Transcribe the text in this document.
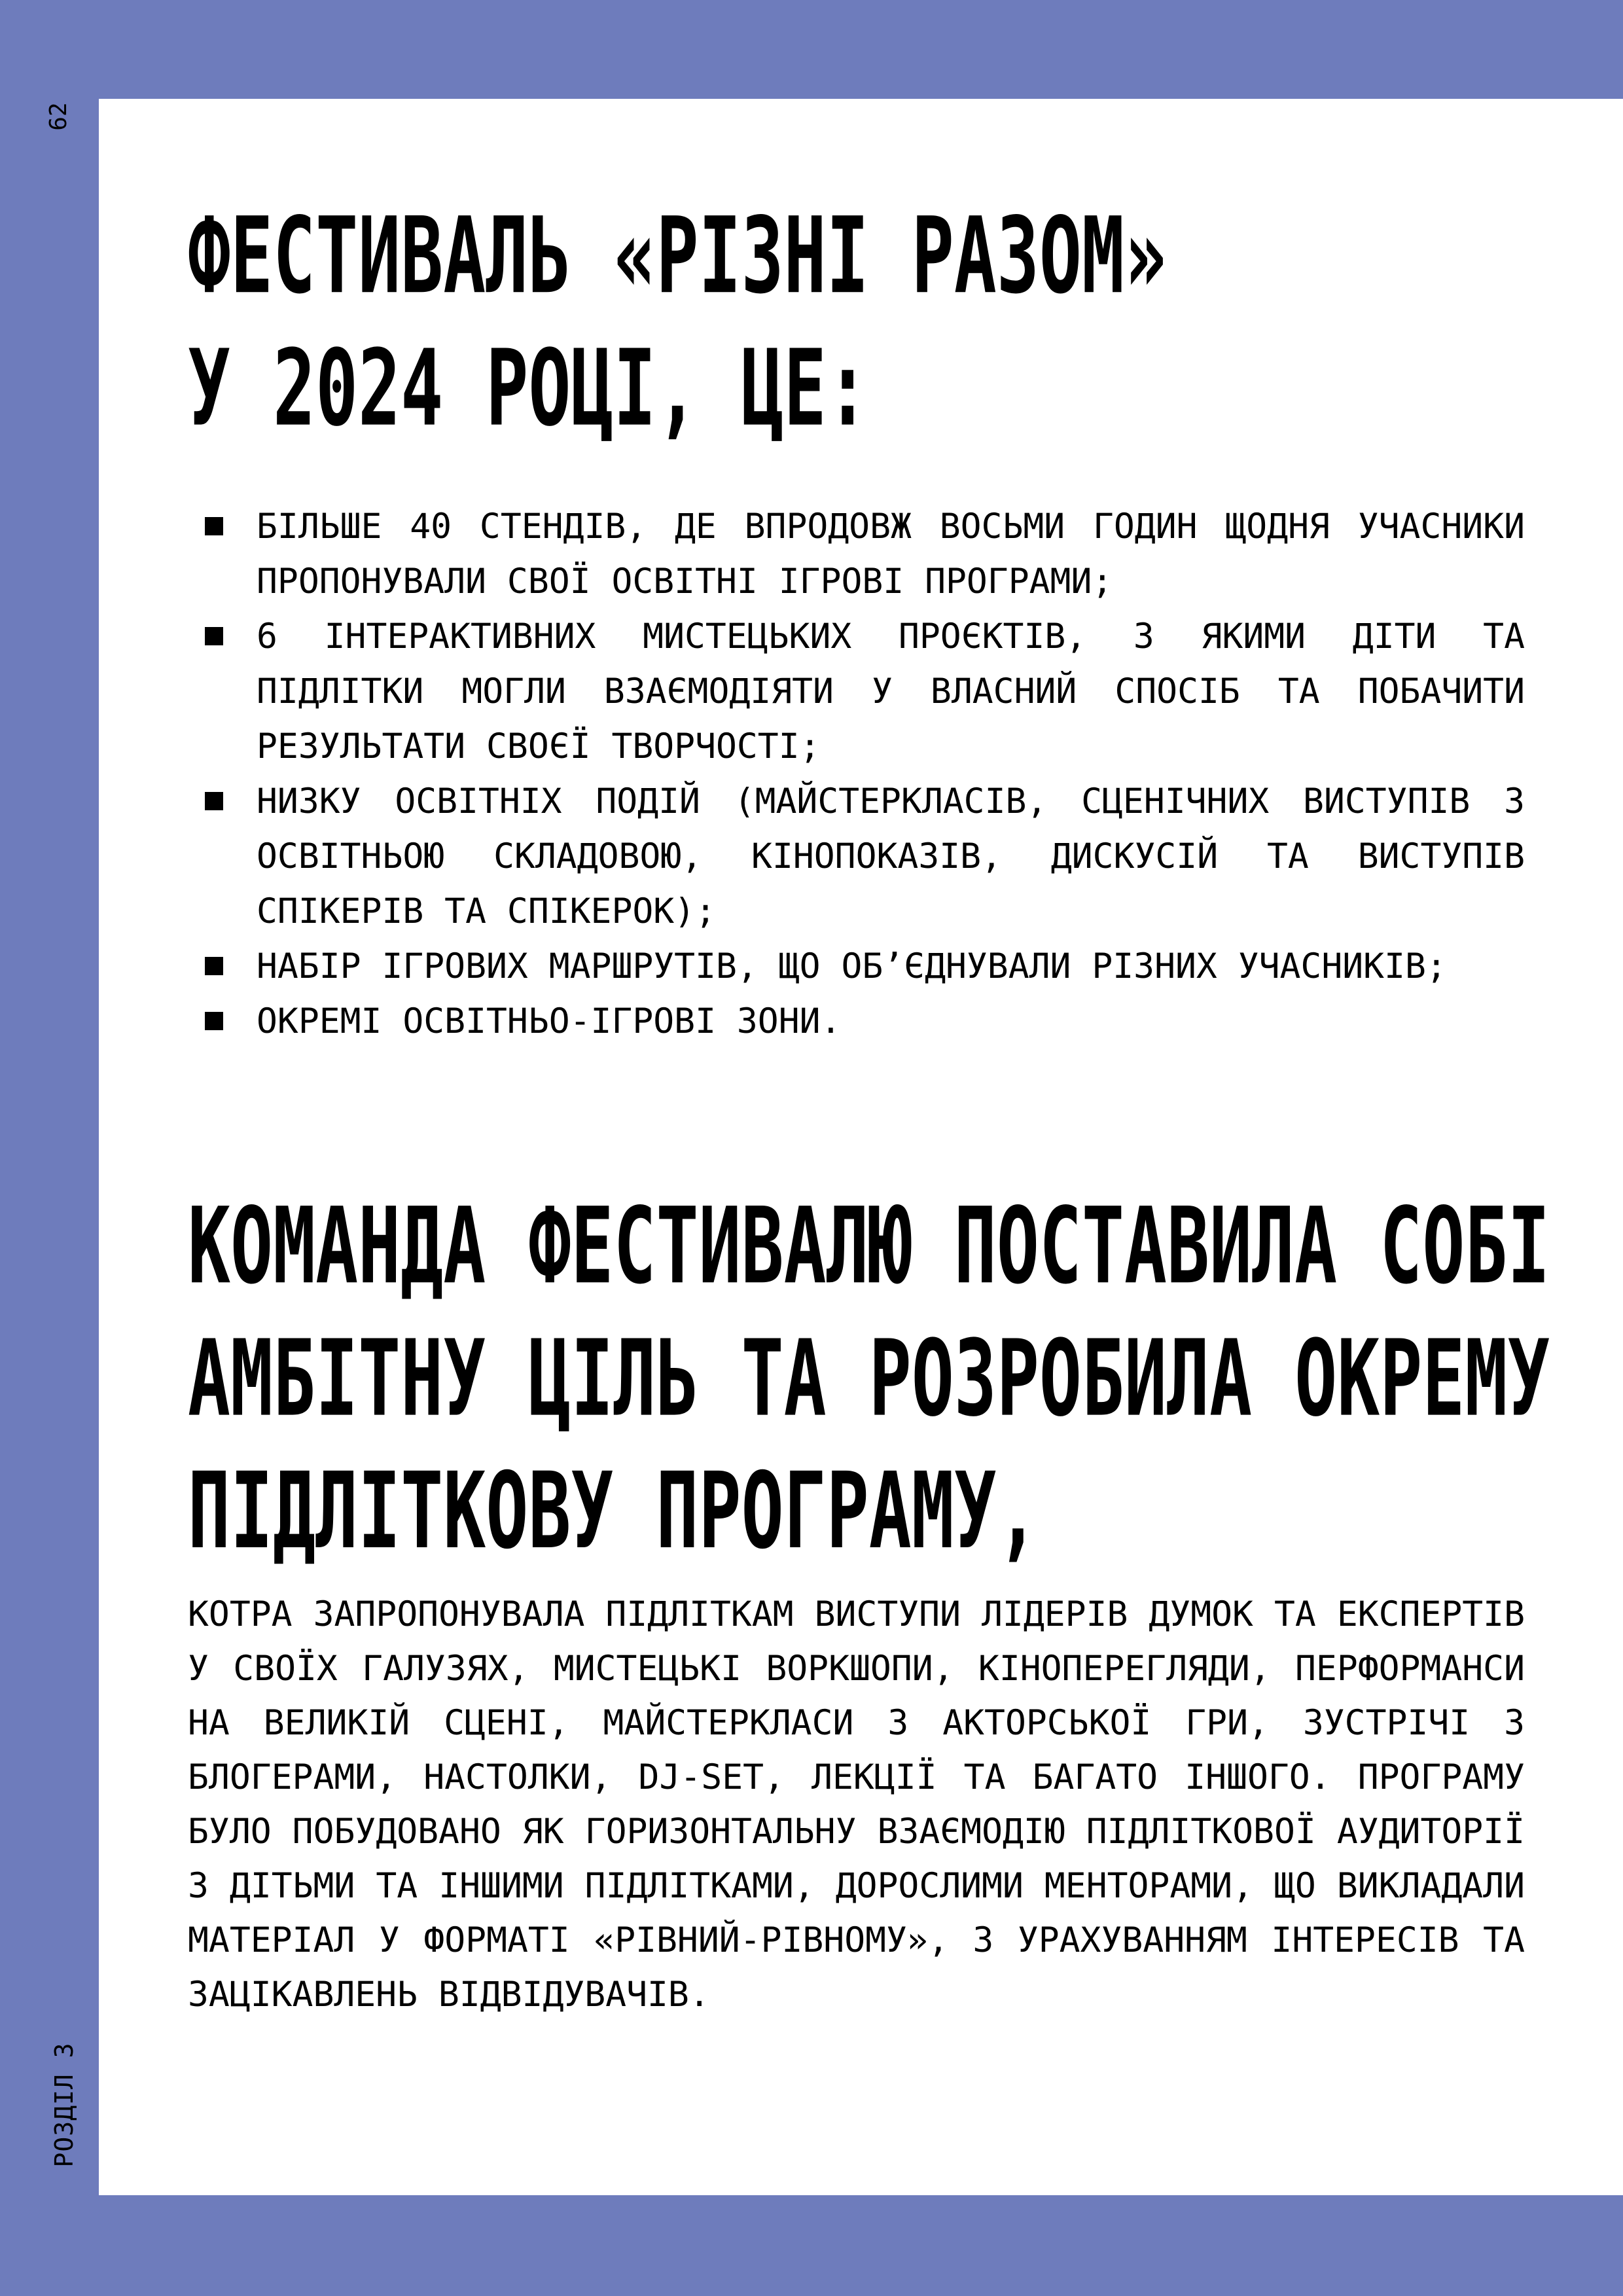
62
РОЗДІЛ 3
ФЕСТИВАЛЬ «РІЗНІ РАЗОМ»
У 2024 РОЦІ, ЦЕ:
БІЛЬШЕ 40 СТЕНДІВ, ДЕ ВПРОДОВЖ ВОСЬМИ ГОДИН ЩОДНЯ УЧАСНИКИ ПРОПОНУВАЛИ СВОЇ ОСВІТНІ ІГРОВІ ПРОГРАМИ;
6 ІНТЕРАКТИВНИХ МИСТЕЦЬКИХ ПРОЄКТІВ, З ЯКИМИ ДІТИ ТА ПІДЛІТКИ МОГЛИ ВЗАЄМОДІЯТИ У ВЛАСНИЙ СПОСІБ ТА ПОБАЧИТИ РЕЗУЛЬТАТИ СВОЄЇ ТВОРЧОСТІ;
НИЗКУ ОСВІТНІХ ПОДІЙ (МАЙСТЕРКЛАСІВ, СЦЕНІЧНИХ ВИСТУПІВ З ОСВІТНЬОЮ СКЛАДОВОЮ, КІНОПОКАЗІВ, ДИСКУСІЙ ТА ВИСТУПІВ СПІКЕРІВ ТА СПІКЕРОК);
НАБІР ІГРОВИХ МАРШРУТІВ, ЩО ОБ’ЄДНУВАЛИ РІЗНИХ УЧАСНИКІВ;
ОКРЕМІ ОСВІТНЬО-ІГРОВІ ЗОНИ.
КОМАНДА ФЕСТИВАЛЮ ПОСТАВИЛА СОБІ
АМБІТНУ ЦІЛЬ ТА РОЗРОБИЛА ОКРЕМУ
ПІДЛІТКОВУ ПРОГРАМУ,

КОТРА ЗАПРОПОНУВАЛА ПІДЛІТКАМ ВИСТУПИ ЛІДЕРІВ ДУМОК ТА ЕКСПЕРТІВ У СВОЇХ ГАЛУЗЯХ, МИСТЕЦЬКІ ВОРКШОПИ, КІНОПЕРЕГЛЯДИ, ПЕРФОРМАНСИ НА ВЕЛИКІЙ СЦЕНІ, МАЙСТЕРКЛАСИ З АКТОРСЬКОЇ ГРИ, ЗУСТРІЧІ З БЛОГЕРАМИ, НАСТОЛКИ, DJ-SET, ЛЕКЦІЇ ТА БАГАТО ІНШОГО. ПРОГРАМУ БУЛО ПОБУДОВАНО ЯК ГОРИЗОНТАЛЬНУ ВЗАЄМОДІЮ ПІДЛІТКОВОЇ АУДИТОРІЇ З ДІТЬМИ ТА ІНШИМИ ПІДЛІТКАМИ, ДОРОСЛИМИ МЕНТОРАМИ, ЩО ВИКЛАДАЛИ МАТЕРІАЛ У ФОРМАТІ «РІВНИЙ-РІВНОМУ», З УРАХУВАННЯМ ІНТЕРЕСІВ ТА ЗАЦІКАВЛЕНЬ ВІДВІДУВАЧІВ.
